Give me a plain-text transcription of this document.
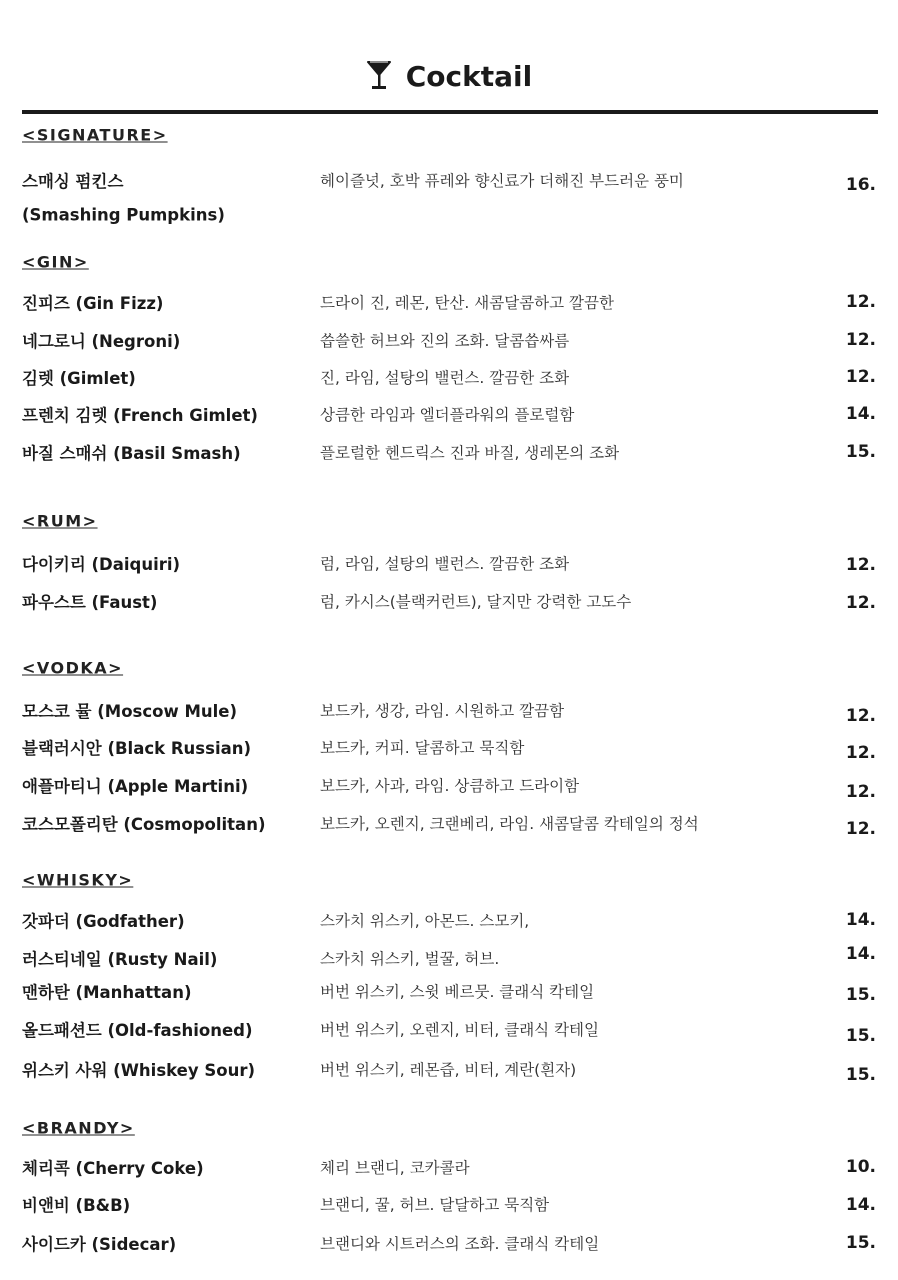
Cocktail
<SIGNATURE>
스매싱 펌킨스
(Smashing Pumpkins)
헤이즐넛, 호박 퓨레와 향신료가 더해진 부드러운 풍미	16.
<GIN>
진피즈 (Gin Fizz)	드라이 진, 레몬, 탄산. 새콤달콤하고 깔끔한	12.
네그로니 (Negroni)	씁쓸한 허브와 진의 조화. 달콤씁싸름	12.
김렛 (Gimlet)	진, 라임, 설탕의 밸런스. 깔끔한 조화	12.
프렌치 김렛 (French Gimlet)	상큼한 라임과 엘더플라워의 플로럴함	14.
바질 스매쉬 (Basil Smash)	플로럴한 헨드릭스 진과 바질, 생레몬의 조화	15.
<RUM>
다이키리 (Daiquiri)	럼, 라임, 설탕의 밸런스. 깔끔한 조화	12.
파우스트 (Faust)	럼, 카시스(블랙커런트), 달지만 강력한 고도수	12.
<VODKA>
모스코 뮬 (Moscow Mule)	보드카, 생강, 라임. 시원하고 깔끔함	12.
블랙러시안 (Black Russian)	보드카, 커피. 달콤하고 묵직함	12.
애플마티니 (Apple Martini)	보드카, 사과, 라임. 상큼하고 드라이함	12.
코스모폴리탄 (Cosmopolitan)	보드카, 오렌지, 크랜베리, 라임. 새콤달콤 칵테일의 정석	12.
<WHISKY>
갓파더 (Godfather)	스카치 위스키, 아몬드. 스모키,	14.
러스티네일 (Rusty Nail)	스카치 위스키, 벌꿀, 허브.	14.
맨하탄 (Manhattan)	버번 위스키, 스윗 베르뭇. 클래식 칵테일	15.
올드패션드 (Old-fashioned)	버번 위스키, 오렌지, 비터, 클래식 칵테일	15.
위스키 사워 (Whiskey Sour)	버번 위스키, 레몬즙, 비터, 계란(흰자)	15.
<BRANDY>
체리콕 (Cherry Coke)	체리 브랜디, 코카콜라	10.
비앤비 (B&B)	브랜디, 꿀, 허브. 달달하고 묵직함	14.
사이드카 (Sidecar)	브랜디와 시트러스의 조화. 클래식 칵테일	15.
